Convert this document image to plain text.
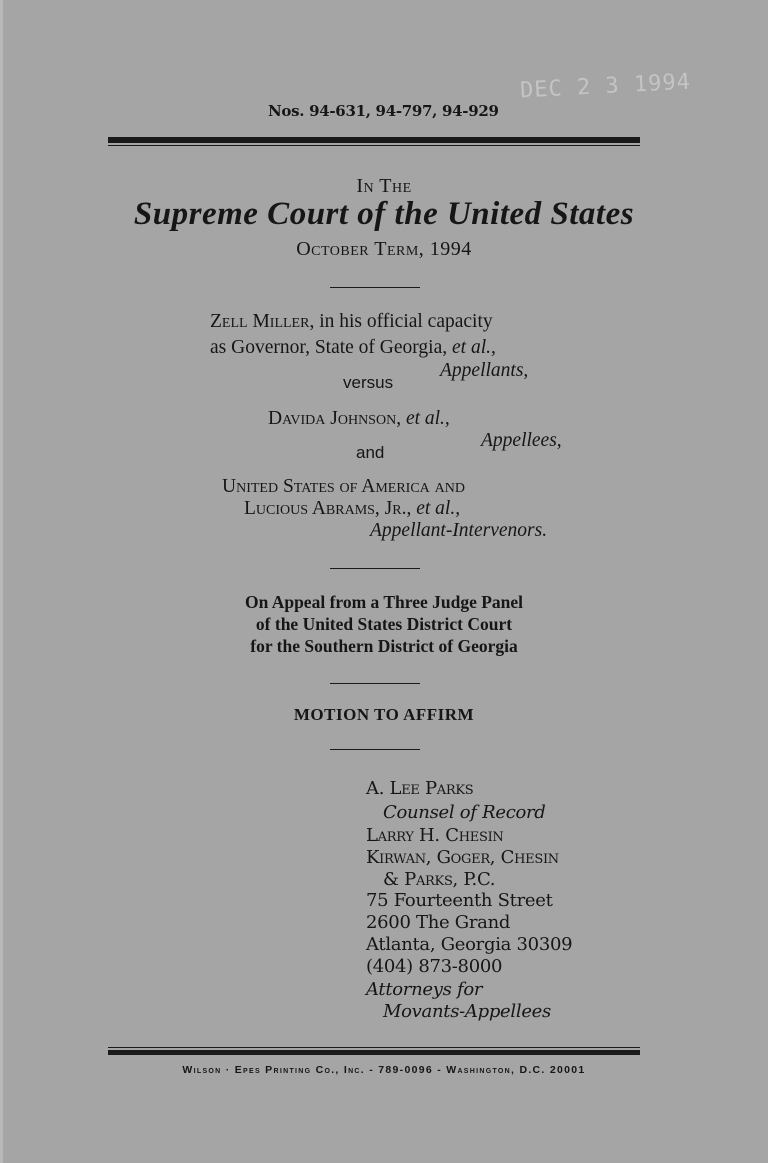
DEC 2 3 1994
Nos. 94-631, 94-797, 94-929
In The
Supreme Court of the United States
October Term, 1994
Zell Miller, in his official capacity
as Governor, State of Georgia, et al.,
Appellants,
versus
Davida Johnson, et al.,
Appellees,
and
United States of America and
Lucious Abrams, Jr., et al.,
Appellant-Intervenors.
On Appeal from a Three Judge Panel
of the United States District Court
for the Southern District of Georgia
MOTION TO AFFIRM
A. Lee Parks
Counsel of Record
Larry H. Chesin
Kirwan, Goger, Chesin
& Parks, P.C.
75 Fourteenth Street
2600 The Grand
Atlanta, Georgia 30309
(404) 873-8000
Attorneys for
Movants-Appellees
Wilson · Epes Printing Co., Inc. - 789-0096 - Washington, D.C. 20001
